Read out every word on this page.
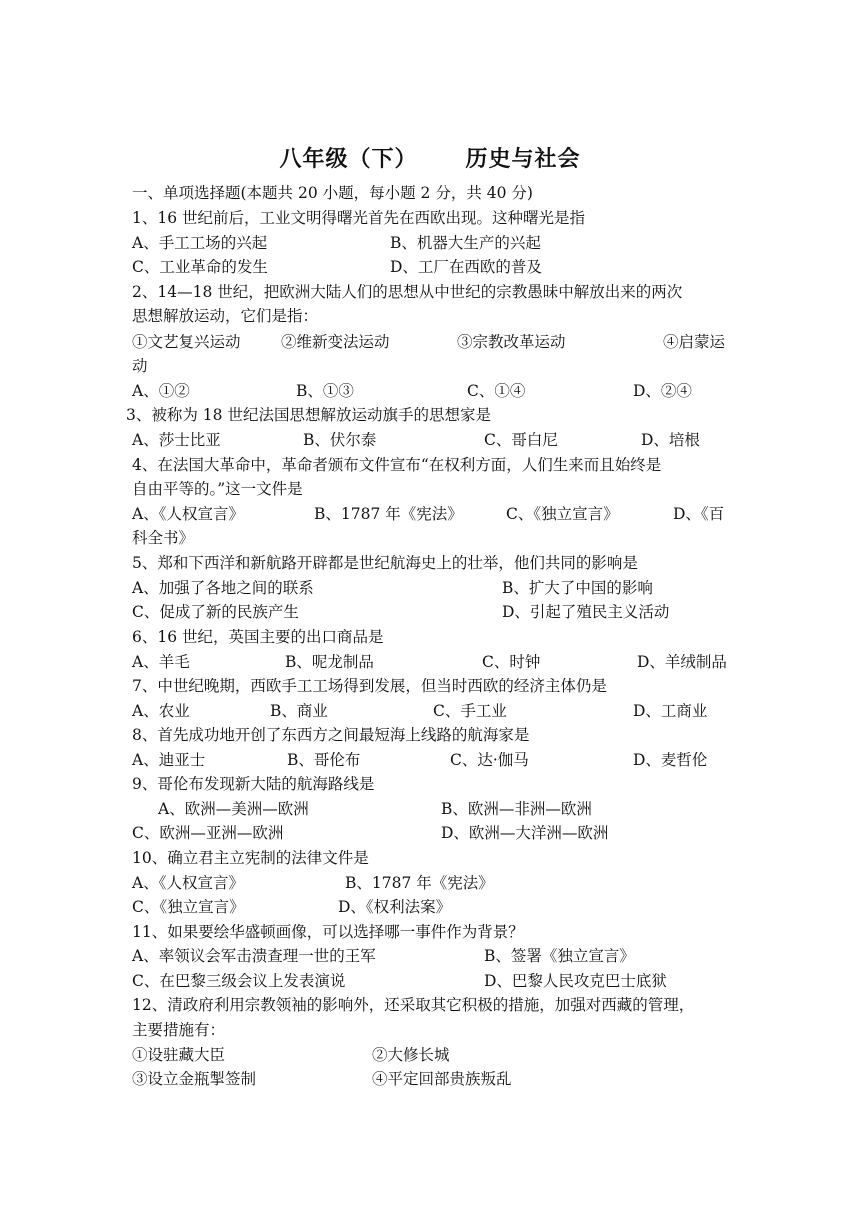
八年级（下） 历史与社会
一、单项选择题(本题共 20 小题，每小题 2 分，共 40 分)
1、16 世纪前后，工业文明得曙光首先在西欧出现。这种曙光是指
A、手工工场的兴起	B、机器大生产的兴起
C、工业革命的发生	D、工厂在西欧的普及
2、14—18 世纪，把欧洲大陆人们的思想从中世纪的宗教愚昧中解放出来的两次
思想解放运动，它们是指：
①文艺复兴运动	②维新变法运动	③宗教改革运动	④启蒙运
动
A、①②	B、①③	C、①④	D、②④
3、被称为 18 世纪法国思想解放运动旗手的思想家是
A、莎士比亚	B、伏尔泰	C、哥白尼	D、培根
4、在法国大革命中，革命者颁布文件宣布“在权利方面，人们生来而且始终是
自由平等的。”这一文件是
A、《人权宣言》	B、1787 年《宪法》	C、《独立宣言》	D、《百
科全书》
5、郑和下西洋和新航路开辟都是世纪航海史上的壮举，他们共同的影响是
A、加强了各地之间的联系	B、扩大了中国的影响
C、促成了新的民族产生	D、引起了殖民主义活动
6、16 世纪，英国主要的出口商品是
A、羊毛	B、呢龙制品	C、时钟	D、羊绒制品
7、中世纪晚期，西欧手工工场得到发展，但当时西欧的经济主体仍是
A、农业	B、商业	C、手工业	D、工商业
8、首先成功地开创了东西方之间最短海上线路的航海家是
A、迪亚士	B、哥伦布	C、达·伽马	D、麦哲伦
9、哥伦布发现新大陆的航海路线是
A、欧洲—美洲—欧洲	B、欧洲—非洲—欧洲
C、欧洲—亚洲—欧洲	D、欧洲—大洋洲—欧洲
10、确立君主立宪制的法律文件是
A、《人权宣言》	B、1787 年《宪法》
C、《独立宣言》	D、《权利法案》
11、如果要绘华盛顿画像，可以选择哪一事件作为背景？
A、率领议会军击溃查理一世的王军	B、签署《独立宣言》
C、在巴黎三级会议上发表演说	D、巴黎人民攻克巴士底狱
12、清政府利用宗教领袖的影响外，还采取其它积极的措施，加强对西藏的管理，
主要措施有：
①设驻藏大臣	②大修长城
③设立金瓶掣签制	④平定回部贵族叛乱
